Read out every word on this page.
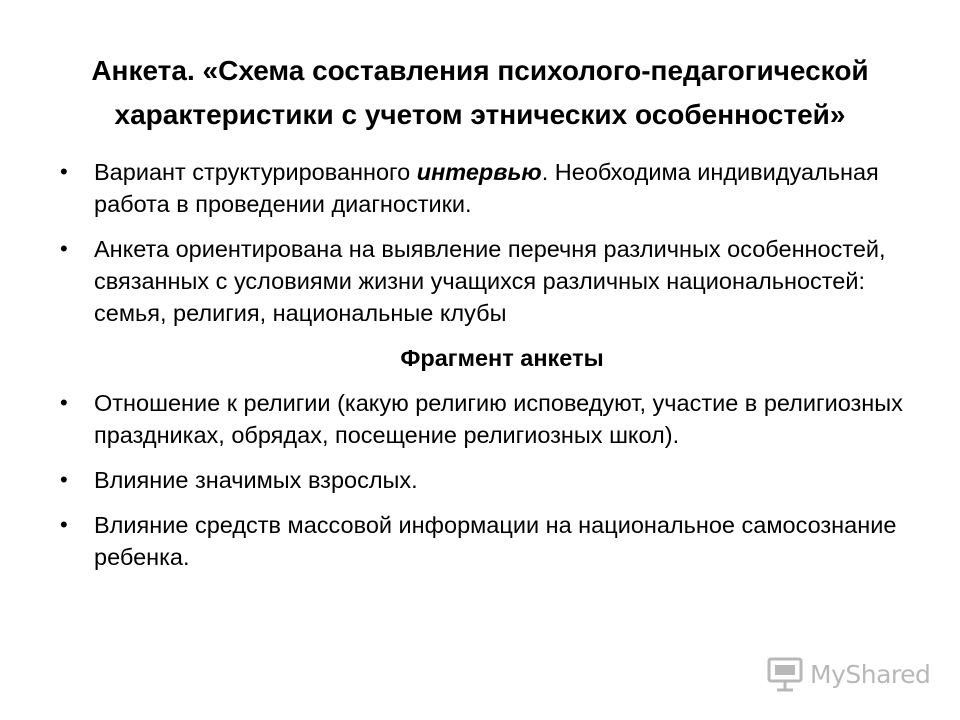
Анкета. «Схема составления психолого-педагогической характеристики с учетом этнических особенностей»
• Вариант структурированного интервью. Необходима индивидуальная работа в проведении диагностики.
• Анкета ориентирована на выявление перечня различных особенностей, связанных с условиями жизни учащихся различных национальностей: семья, религия, национальные клубы
Фрагмент анкеты
• Отношение к религии (какую религию исповедуют, участие в религиозных праздниках, обрядах, посещение религиозных школ).
• Влияние значимых взрослых.
• Влияние средств массовой информации на национальное самосознание ребенка.
MyShared
